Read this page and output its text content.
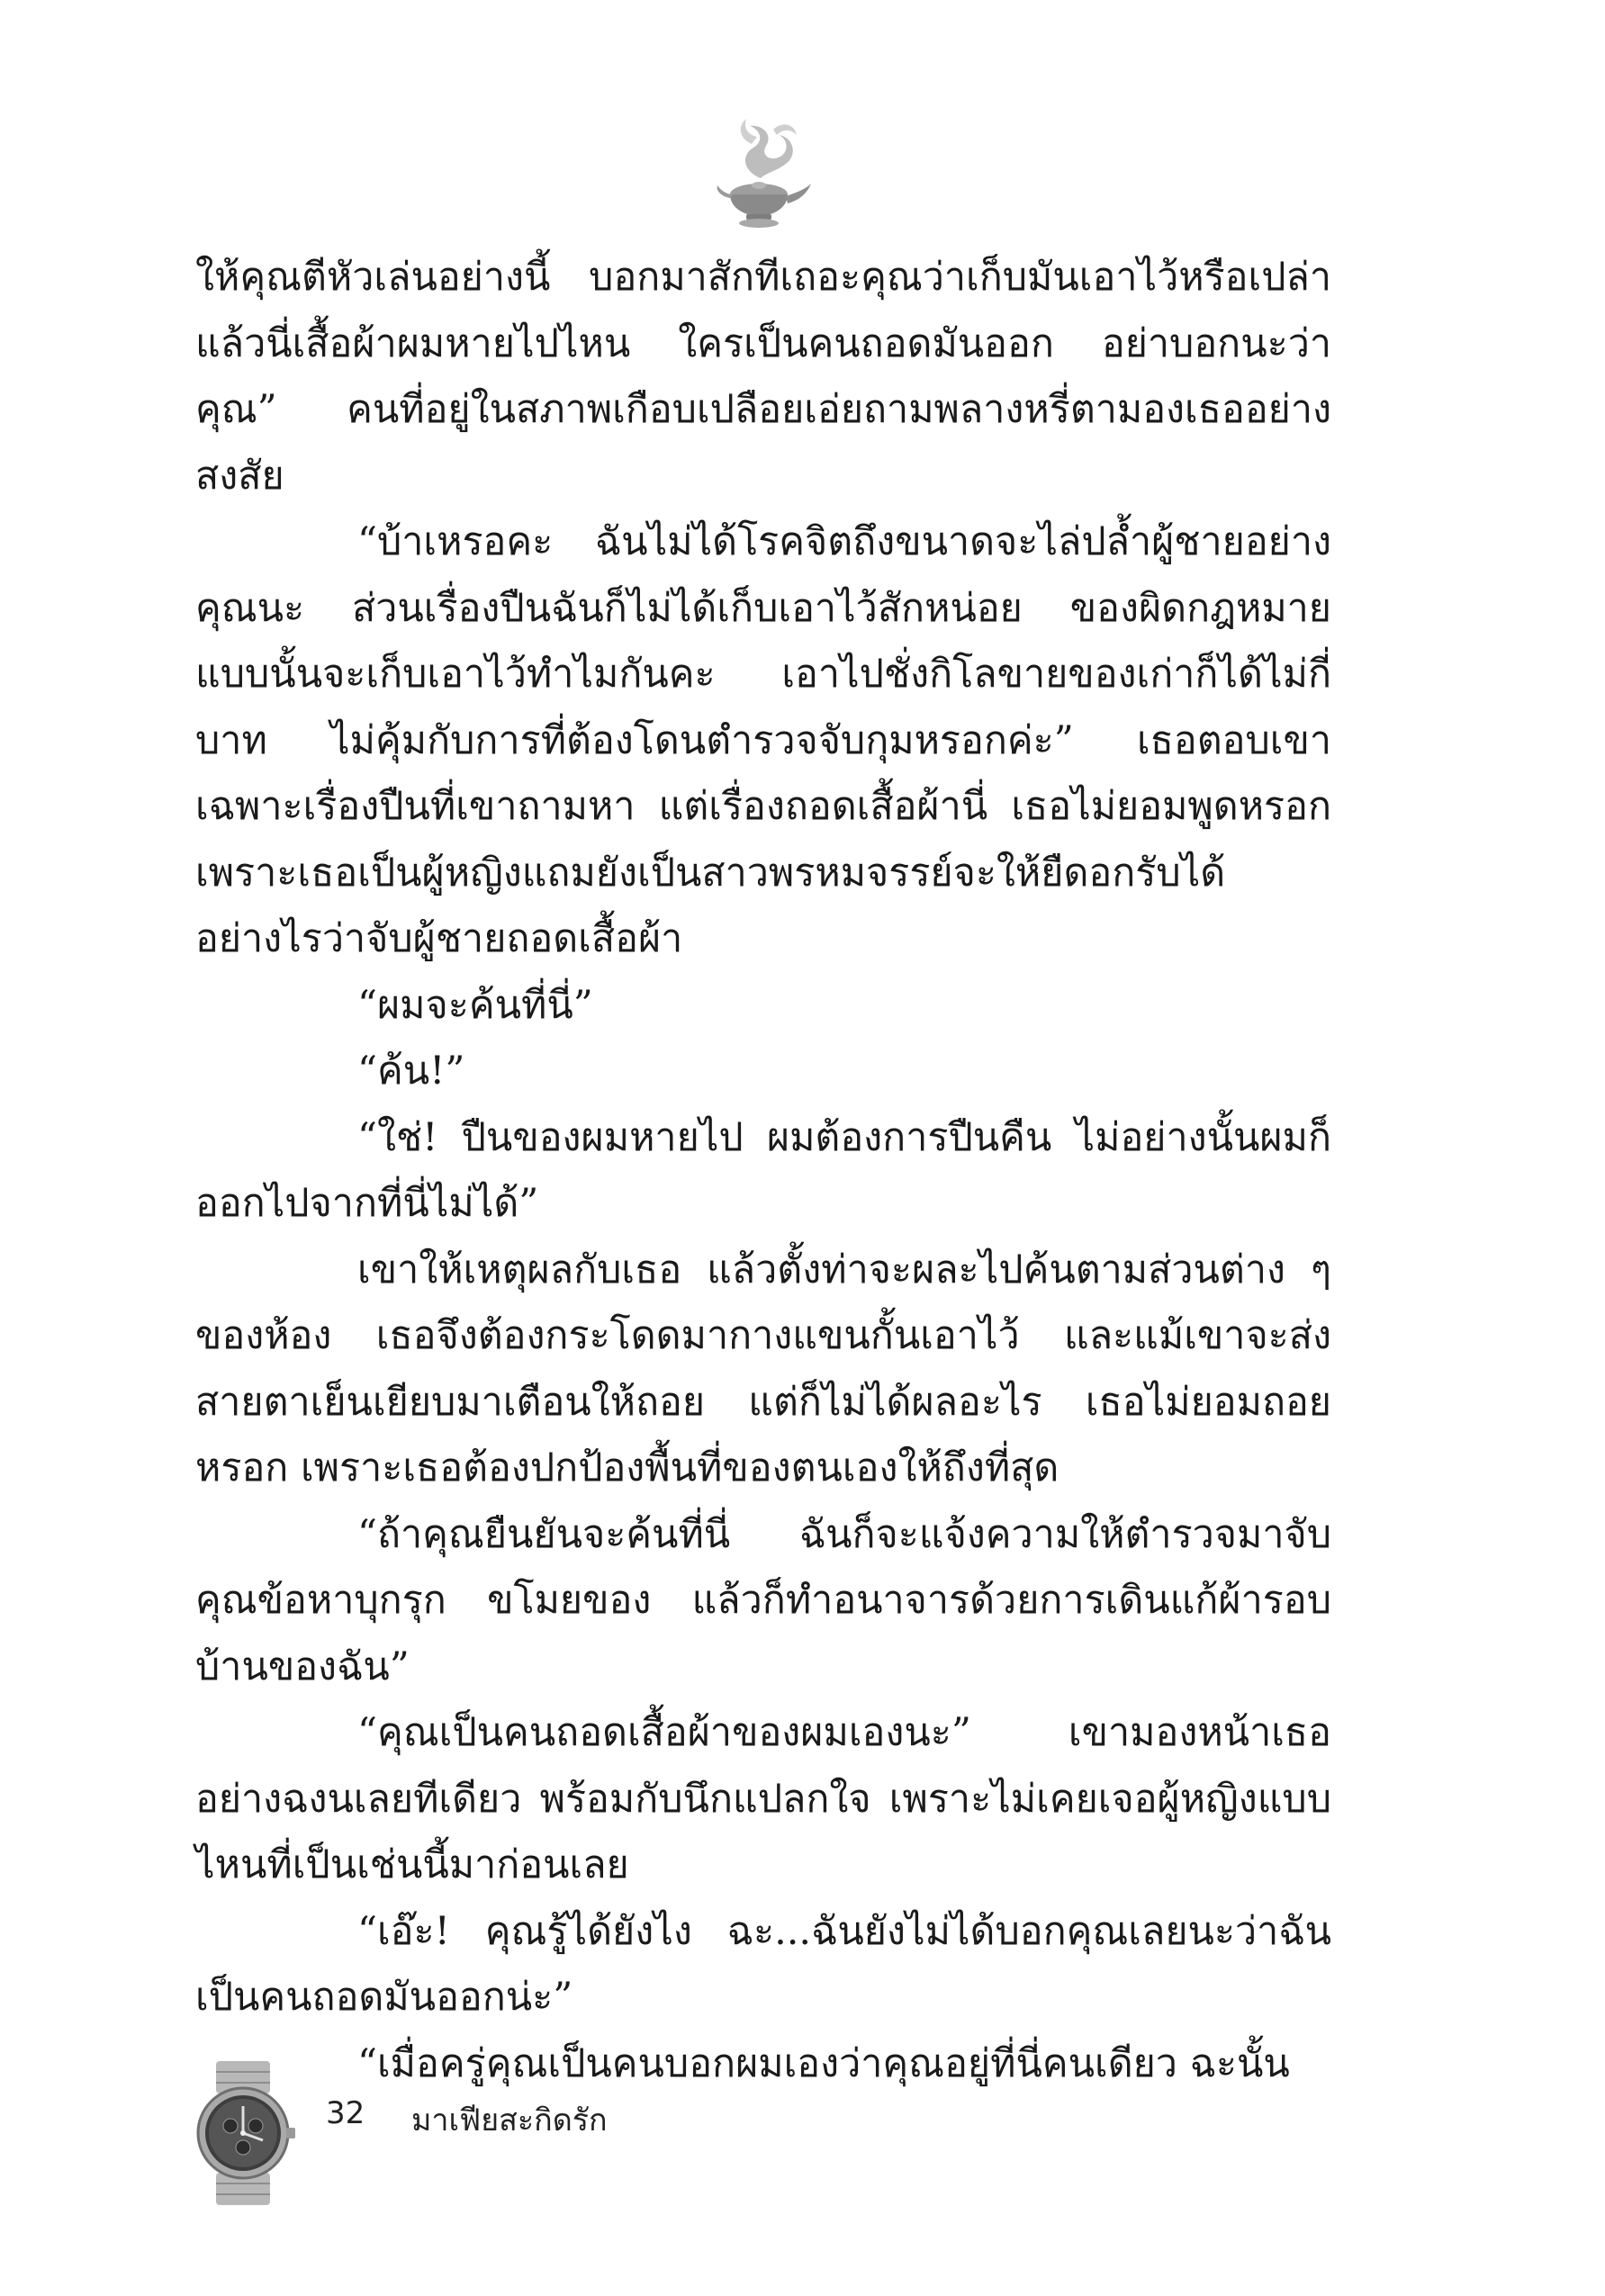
ให้คุณตีหัวเล่นอย่างนี้ บอกมาสักทีเถอะคุณว่าเก็บมันเอาไว้หรือเปล่า แล้วนี่เสื้อผ้าผมหายไปไหน ใครเป็นคนถอดมันออก อย่าบอกนะว่าคุณ” คนที่อยู่ในสภาพเกือบเปลือยเอ่ยถามพลางหรี่ตามองเธออย่างสงสัย

“บ้าเหรอคะ ฉันไม่ได้โรคจิตถึงขนาดจะไล่ปล้ำผู้ชายอย่างคุณนะ ส่วนเรื่องปืนฉันก็ไม่ได้เก็บเอาไว้สักหน่อย ของผิดกฎหมายแบบนั้นจะเก็บเอาไว้ทำไมกันคะ เอาไปชั่งกิโลขายของเก่าก็ได้ไม่กี่บาท ไม่คุ้มกับการที่ต้องโดนตำรวจจับกุมหรอกค่ะ” เธอตอบเขาเฉพาะเรื่องปืนที่เขาถามหา แต่เรื่องถอดเสื้อผ้านี่ เธอไม่ยอมพูดหรอก เพราะเธอเป็นผู้หญิงแถมยังเป็นสาวพรหมจรรย์จะให้ยืดอกรับได้อย่างไรว่าจับผู้ชายถอดเสื้อผ้า

“ผมจะค้นที่นี่”

“ค้น!”

“ใช่! ปืนของผมหายไป ผมต้องการปืนคืน ไม่อย่างนั้นผมก็ออกไปจากที่นี่ไม่ได้”

เขาให้เหตุผลกับเธอ แล้วตั้งท่าจะผละไปค้นตามส่วนต่าง ๆ ของห้อง เธอจึงต้องกระโดดมากางแขนกั้นเอาไว้ และแม้เขาจะส่งสายตาเย็นเยียบมาเตือนให้ถอย แต่ก็ไม่ได้ผลอะไร เธอไม่ยอมถอยหรอก เพราะเธอต้องปกป้องพื้นที่ของตนเองให้ถึงที่สุด

“ถ้าคุณยืนยันจะค้นที่นี่ ฉันก็จะแจ้งความให้ตำรวจมาจับคุณข้อหาบุกรุก ขโมยของ แล้วก็ทำอนาจารด้วยการเดินแก้ผ้ารอบบ้านของฉัน”

“คุณเป็นคนถอดเสื้อผ้าของผมเองนะ” เขามองหน้าเธออย่างฉงนเลยทีเดียว พร้อมกับนึกแปลกใจ เพราะไม่เคยเจอผู้หญิงแบบไหนที่เป็นเช่นนี้มาก่อนเลย

“เอ๊ะ! คุณรู้ได้ยังไง ฉะ...ฉันยังไม่ได้บอกคุณเลยนะว่าฉันเป็นคนถอดมันออกน่ะ”

“เมื่อครู่คุณเป็นคนบอกผมเองว่าคุณอยู่ที่นี่คนเดียว ฉะนั้น

32 มาเฟียสะกิดรัก
